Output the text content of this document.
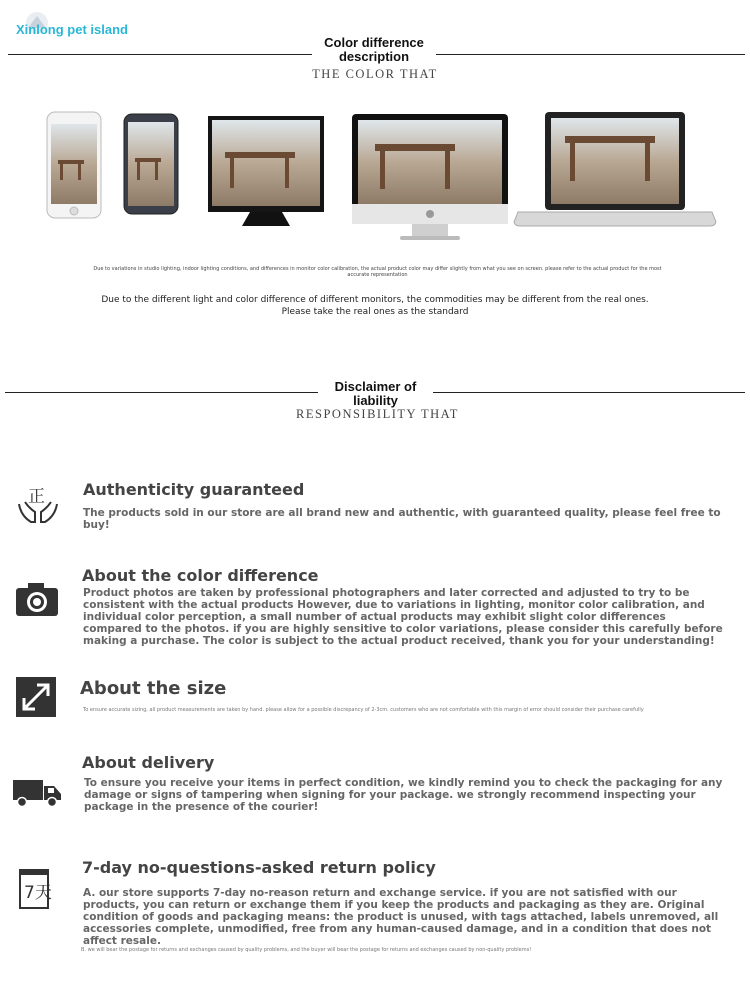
Xinlong pet island
Color difference description
THE COLOR THAT
Due to variations in studio lighting, indoor lighting conditions, and differences in monitor color calibration, the actual product color may differ slightly from what you see on screen. please refer to the actual product for the most accurate representation
Due to the different light and color difference of different monitors, the commodities may be different from the real ones.
Please take the real ones as the standard
Disclaimer of liability
RESPONSIBILITY THAT
正 Authenticity guaranteed
The products sold in our store are all brand new and authentic, with guaranteed quality, please feel free to buy!
About the color difference
Product photos are taken by professional photographers and later corrected and adjusted to try to be consistent with the actual products However, due to variations in lighting, monitor color calibration, and individual color perception, a small number of actual products may exhibit slight color differences compared to the photos. if you are highly sensitive to color variations, please consider this carefully before making a purchase. The color is subject to the actual product received, thank you for your understanding!
About the size
To ensure accurate sizing, all product measurements are taken by hand. please allow for a possible discrepancy of 2-3cm. customers who are not comfortable with this margin of error should consider their purchase carefully
About delivery
To ensure you receive your items in perfect condition, we kindly remind you to check the packaging for any damage or signs of tampering when signing for your package. we strongly recommend inspecting your package in the presence of the courier!
7天
7-day no-questions-asked return policy
A. our store supports 7-day no-reason return and exchange service. if you are not satisfied with our products, you can return or exchange them if you keep the products and packaging as they are. Original condition of goods and packaging means: the product is unused, with tags attached, labels unremoved, all accessories complete, unmodified, free from any human-caused damage, and in a condition that does not affect resale.
B. we will bear the postage for returns and exchanges caused by quality problems, and the buyer will bear the postage for returns and exchanges caused by non-quality problems!
